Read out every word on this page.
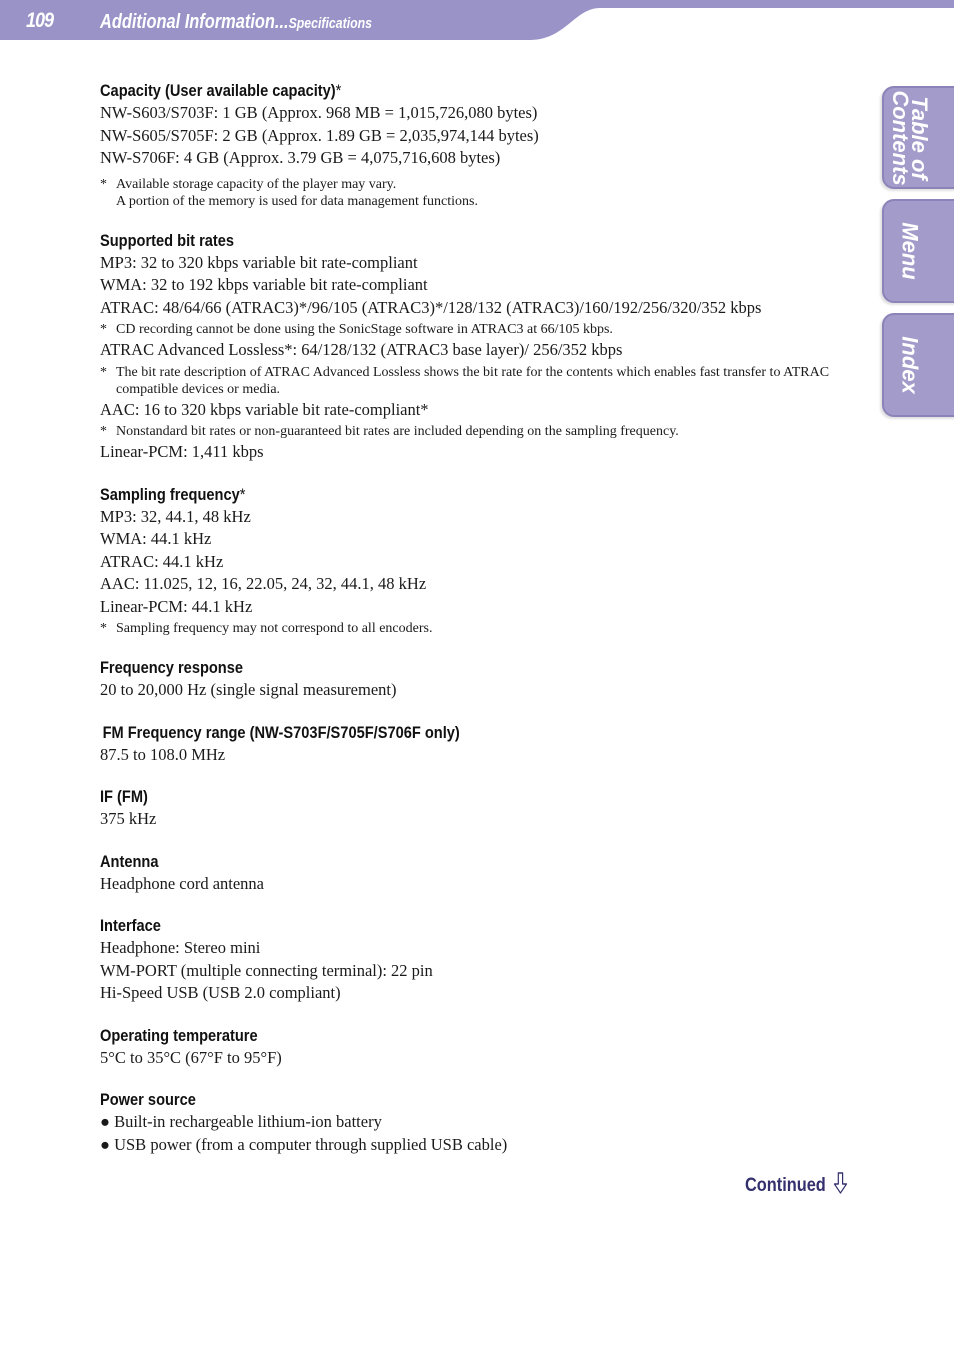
109 Additional Information...Specifications
Table of
Contents
Menu
Index
Capacity (User available capacity)*
NW-S603/S703F: 1 GB (Approx. 968 MB = 1,015,726,080 bytes)
NW-S605/S705F: 2 GB (Approx. 1.89 GB = 2,035,974,144 bytes)
NW-S706F: 4 GB (Approx. 3.79 GB = 4,075,716,608 bytes)
* Available storage capacity of the player may vary.
A portion of the memory is used for data management functions.
Supported bit rates
MP3: 32 to 320 kbps variable bit rate-compliant
WMA: 32 to 192 kbps variable bit rate-compliant
ATRAC: 48/64/66 (ATRAC3)*/96/105 (ATRAC3)*/128/132 (ATRAC3)/160/192/256/320/352 kbps
* CD recording cannot be done using the SonicStage software in ATRAC3 at 66/105 kbps.
ATRAC Advanced Lossless*: 64/128/132 (ATRAC3 base layer)/ 256/352 kbps
* The bit rate description of ATRAC Advanced Lossless shows the bit rate for the contents which enables fast transfer to ATRAC compatible devices or media.
AAC: 16 to 320 kbps variable bit rate-compliant*
* Nonstandard bit rates or non-guaranteed bit rates are included depending on the sampling frequency.
Linear-PCM: 1,411 kbps
Sampling frequency*
MP3: 32, 44.1, 48 kHz
WMA: 44.1 kHz
ATRAC: 44.1 kHz
AAC: 11.025, 12, 16, 22.05, 24, 32, 44.1, 48 kHz
Linear-PCM: 44.1 kHz
* Sampling frequency may not correspond to all encoders.
Frequency response
20 to 20,000 Hz (single signal measurement)
FM Frequency range (NW-S703F/S705F/S706F only)
87.5 to 108.0 MHz
IF (FM)
375 kHz
Antenna
Headphone cord antenna
Interface
Headphone: Stereo mini
WM-PORT (multiple connecting terminal): 22 pin
Hi-Speed USB (USB 2.0 compliant)
Operating temperature
5°C to 35°C (67°F to 95°F)
Power source
● Built-in rechargeable lithium-ion battery
● USB power (from a computer through supplied USB cable)
Continued
